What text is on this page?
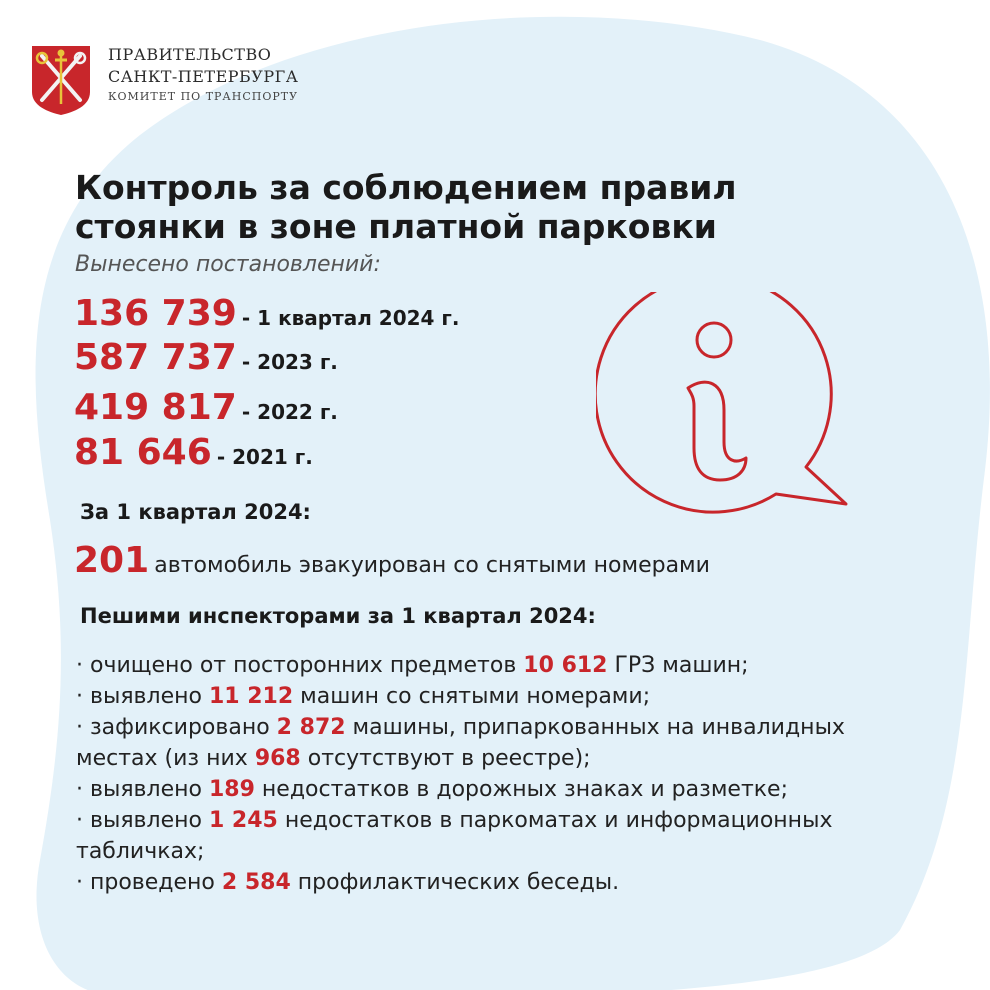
ПРАВИТЕЛЬСТВО
САНКТ-ПЕТЕРБУРГА
КОМИТЕТ ПО ТРАНСПОРТУ
Контроль за соблюдением правил стоянки в зоне платной парковки
Вынесено постановлений:
136 739 - 1 квартал 2024 г.
587 737 - 2023 г.
419 817 - 2022 г.
81 646 - 2021 г.
За 1 квартал 2024:
201 автомобиль эвакуирован со снятыми номерами
Пешими инспекторами за 1 квартал 2024:
· очищено от посторонних предметов 10 612 ГРЗ машин;
· выявлено 11 212 машин со снятыми номерами;
· зафиксировано 2 872 машины, припаркованных на инвалидных местах (из них 968 отсутствуют в реестре);
· выявлено 189 недостатков в дорожных знаках и разметке;
· выявлено 1 245 недостатков в паркоматах и информационных табличках;
· проведено 2 584 профилактических беседы.
